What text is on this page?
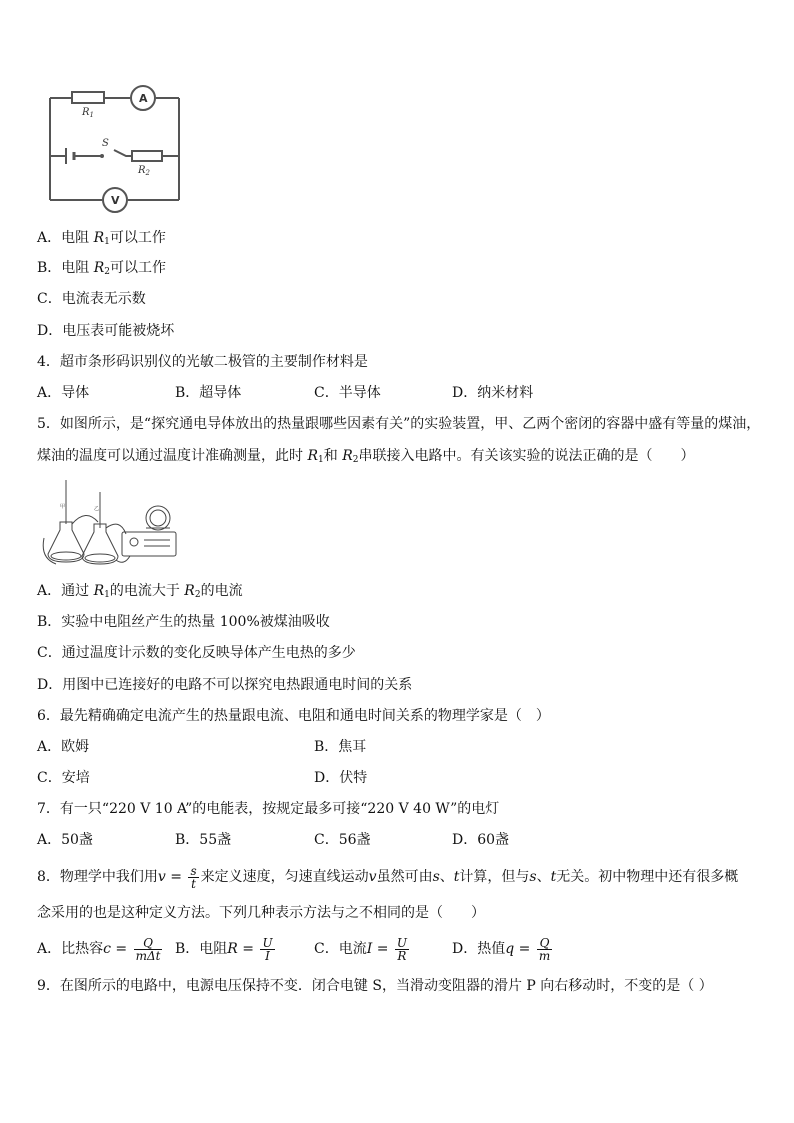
$R_1$
A
S
$R_2$
V
A．电阻 $R_1$可以工作
B．电阻 $R_2$可以工作
C．电流表无示数
D．电压表可能被烧坏
4．超市条形码识别仪的光敏二极管的主要制作材料是
A．导体	B．超导体	C．半导体	D．纳米材料
5．如图所示，是“探究通电导体放出的热量跟哪些因素有关”的实验装置，甲、乙两个密闭的容器中盛有等量的煤油，
煤油的温度可以通过温度计准确测量，此时 $R_1$和 $R_2$串联接入电路中。有关该实验的说法正确的是（　　）
甲	乙
A．通过 $R_1$的电流大于 $R_2$的电流
B．实验中电阻丝产生的热量 100%被煤油吸收
C．通过温度计示数的变化反映导体产生电热的多少
D．用图中已连接好的电路不可以探究电热跟通电时间的关系
6．最先精确确定电流产生的热量跟电流、电阻和通电时间关系的物理学家是（　）
A．欧姆	B．焦耳
C．安培	D．伏特
7．有一只“220 V 10 A”的电能表，按规定最多可接“220 V 40 W”的电灯
A．50盏	B．55盏	C．56盏	D．60盏
8．物理学中我们用$v = \frac{s}{t}$ 来定义速度，匀速直线运动v虽然可由s、t计算，但与s、t无关。初中物理中还有很多概
念采用的也是这种定义方法。下列几种表示方法与之不相同的是（　　）
A．比热容$c = \frac{Q}{\text{mΔt}}$ B．电阻$R = \frac{U}{I}$	C．电流$I = \frac{U}{R}$	D．热值$q = \frac{Q}{m}$
9．在图所示的电路中，电源电压保持不变．闭合电键 S，当滑动变阻器的滑片 P 向右移动时，不变的是（ ）
